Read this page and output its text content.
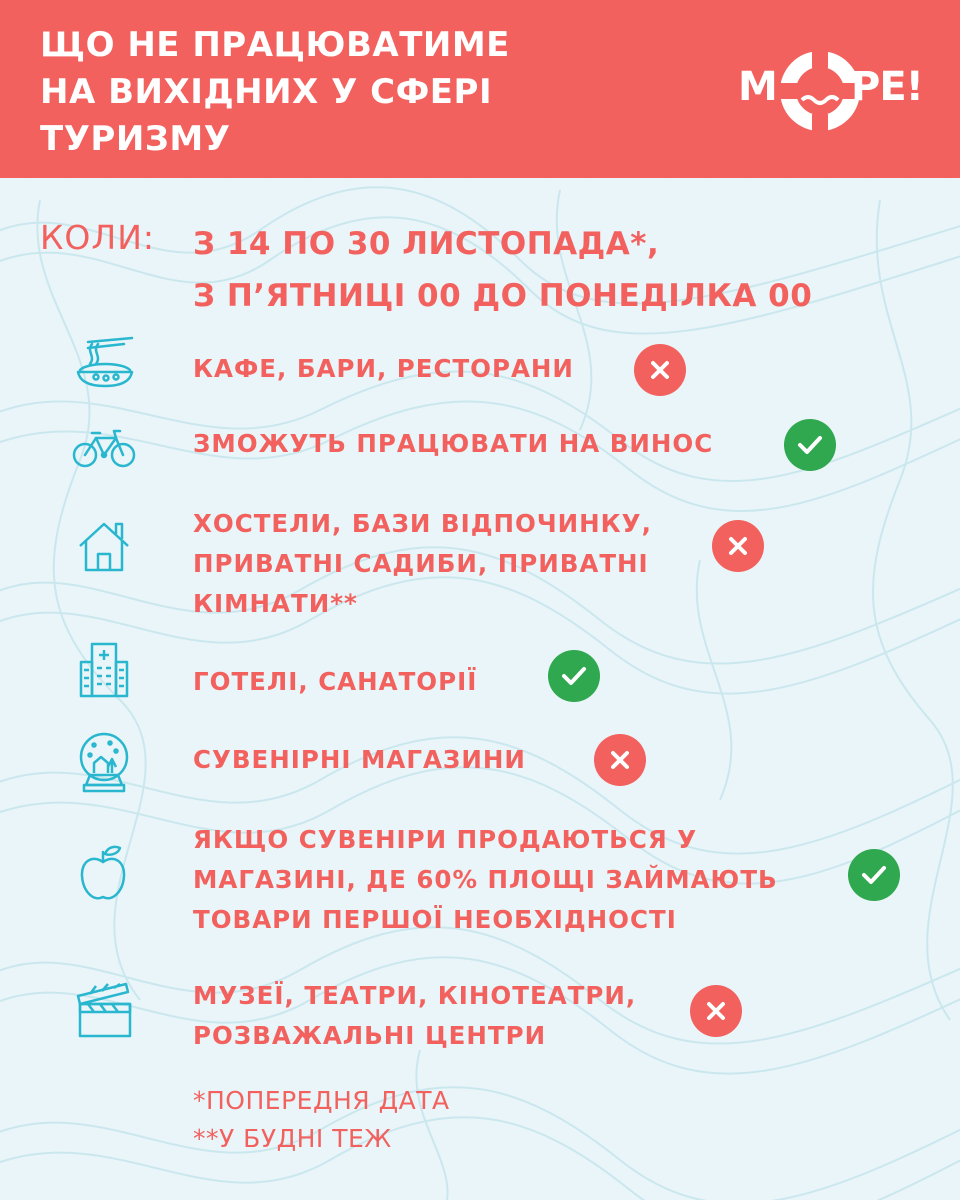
ЩО НЕ ПРАЦЮВАТИМЕ
НА ВИХІДНИХ У СФЕРІ
ТУРИЗМУ
М РЕ!
КОЛИ: З 14 ПО 30 ЛИСТОПАДА*,
З П’ЯТНИЦІ 00 ДО ПОНЕДІЛКА 00
КАФЕ, БАРИ, РЕСТОРАНИ
ЗМОЖУТЬ ПРАЦЮВАТИ НА ВИНОС
ХОСТЕЛИ, БАЗИ ВІДПОЧИНКУ,
ПРИВАТНІ САДИБИ, ПРИВАТНІ
КІМНАТИ**
ГОТЕЛІ, САНАТОРІЇ
СУВЕНІРНІ МАГАЗИНИ
ЯКЩО СУВЕНІРИ ПРОДАЮТЬСЯ У
МАГАЗИНІ, ДЕ 60% ПЛОЩІ ЗАЙМАЮТЬ
ТОВАРИ ПЕРШОЇ НЕОБХІДНОСТІ
МУЗЕЇ, ТЕАТРИ, КІНОТЕАТРИ,
РОЗВАЖАЛЬНІ ЦЕНТРИ
*ПОПЕРЕДНЯ ДАТА
**У БУДНІ ТЕЖ
